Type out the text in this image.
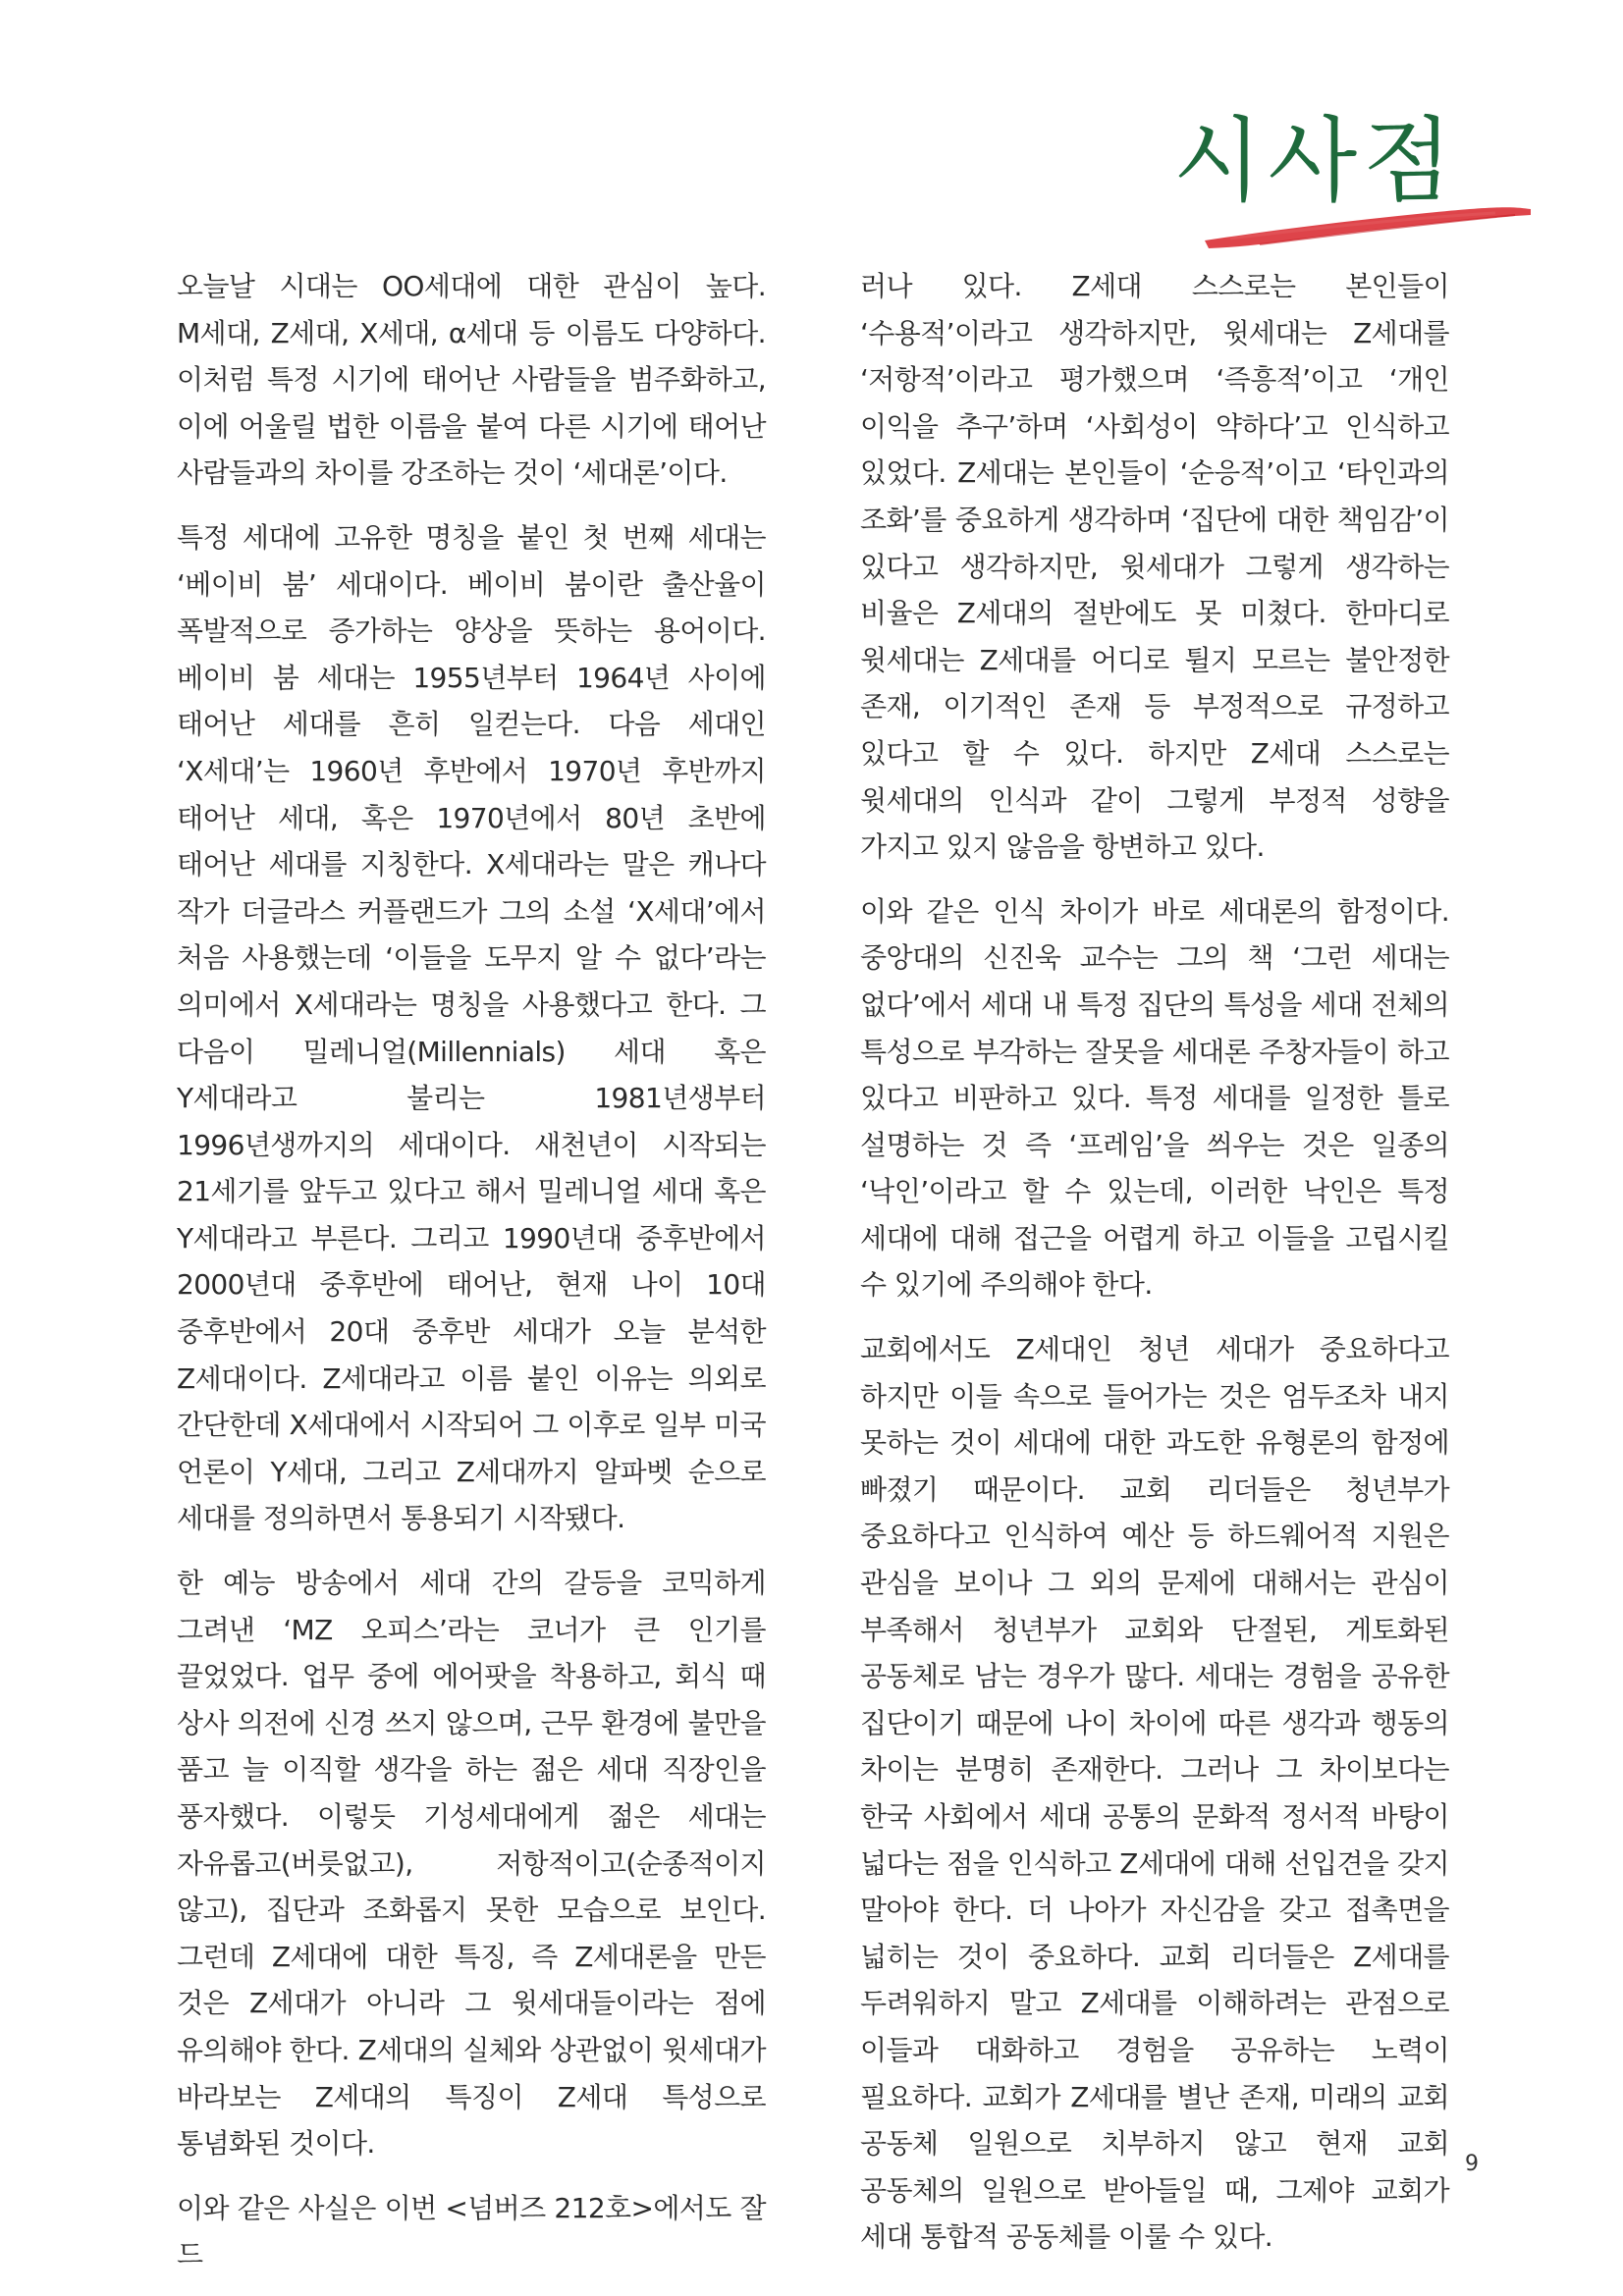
시사점

오늘날 시대는 OO세대에 대한 관심이 높다. M세대, Z세대, X세대, α세대 등 이름도 다양하다. 이처럼 특정 시기에 태어난 사람들을 범주화하고, 이에 어울릴 법한 이름을 붙여 다른 시기에 태어난 사람들과의 차이를 강조하는 것이 ‘세대론’이다.

특정 세대에 고유한 명칭을 붙인 첫 번째 세대는 ‘베이비 붐’ 세대이다. 베이비 붐이란 출산율이 폭발적으로 증가하는 양상을 뜻하는 용어이다. 베이비 붐 세대는 1955년부터 1964년 사이에 태어난 세대를 흔히 일컫는다. 다음 세대인 ‘X세대’는 1960년 후반에서 1970년 후반까지 태어난 세대, 혹은 1970년에서 80년 초반에 태어난 세대를 지칭한다. X세대라는 말은 캐나다 작가 더글라스 커플랜드가 그의 소설 ‘X세대’에서 처음 사용했는데 ‘이들을 도무지 알 수 없다’라는 의미에서 X세대라는 명칭을 사용했다고 한다. 그 다음이 밀레니얼(Millennials) 세대 혹은 Y세대라고 불리는 1981년생부터 1996년생까지의 세대이다. 새천년이 시작되는 21세기를 앞두고 있다고 해서 밀레니얼 세대 혹은 Y세대라고 부른다. 그리고 1990년대 중후반에서 2000년대 중후반에 태어난, 현재 나이 10대 중후반에서 20대 중후반 세대가 오늘 분석한 Z세대이다. Z세대라고 이름 붙인 이유는 의외로 간단한데 X세대에서 시작되어 그 이후로 일부 미국 언론이 Y세대, 그리고 Z세대까지 알파벳 순으로 세대를 정의하면서 통용되기 시작됐다.

한 예능 방송에서 세대 간의 갈등을 코믹하게 그려낸 ‘MZ 오피스’라는 코너가 큰 인기를 끌었었다. 업무 중에 에어팟을 착용하고, 회식 때 상사 의전에 신경 쓰지 않으며, 근무 환경에 불만을 품고 늘 이직할 생각을 하는 젊은 세대 직장인을 풍자했다. 이렇듯 기성세대에게 젊은 세대는 자유롭고(버릇없고), 저항적이고(순종적이지 않고), 집단과 조화롭지 못한 모습으로 보인다. 그런데 Z세대에 대한 특징, 즉 Z세대론을 만든 것은 Z세대가 아니라 그 윗세대들이라는 점에 유의해야 한다. Z세대의 실체와 상관없이 윗세대가 바라보는 Z세대의 특징이 Z세대 특성으로 통념화된 것이다.

이와 같은 사실은 이번 <넘버즈 212호>에서도 잘 드

러나 있다. Z세대 스스로는 본인들이 ‘수용적’이라고 생각하지만, 윗세대는 Z세대를 ‘저항적’이라고 평가했으며 ‘즉흥적’이고 ‘개인 이익을 추구’하며 ‘사회성이 약하다’고 인식하고 있었다. Z세대는 본인들이 ‘순응적’이고 ‘타인과의 조화’를 중요하게 생각하며 ‘집단에 대한 책임감’이 있다고 생각하지만, 윗세대가 그렇게 생각하는 비율은 Z세대의 절반에도 못 미쳤다. 한마디로 윗세대는 Z세대를 어디로 튈지 모르는 불안정한 존재, 이기적인 존재 등 부정적으로 규정하고 있다고 할 수 있다. 하지만 Z세대 스스로는 윗세대의 인식과 같이 그렇게 부정적 성향을 가지고 있지 않음을 항변하고 있다.

이와 같은 인식 차이가 바로 세대론의 함정이다. 중앙대의 신진욱 교수는 그의 책 ‘그런 세대는 없다’에서 세대 내 특정 집단의 특성을 세대 전체의 특성으로 부각하는 잘못을 세대론 주창자들이 하고 있다고 비판하고 있다. 특정 세대를 일정한 틀로 설명하는 것 즉 ‘프레임’을 씌우는 것은 일종의 ‘낙인’이라고 할 수 있는데, 이러한 낙인은 특정 세대에 대해 접근을 어렵게 하고 이들을 고립시킬 수 있기에 주의해야 한다.

교회에서도 Z세대인 청년 세대가 중요하다고 하지만 이들 속으로 들어가는 것은 엄두조차 내지 못하는 것이 세대에 대한 과도한 유형론의 함정에 빠졌기 때문이다. 교회 리더들은 청년부가 중요하다고 인식하여 예산 등 하드웨어적 지원은 관심을 보이나 그 외의 문제에 대해서는 관심이 부족해서 청년부가 교회와 단절된, 게토화된 공동체로 남는 경우가 많다. 세대는 경험을 공유한 집단이기 때문에 나이 차이에 따른 생각과 행동의 차이는 분명히 존재한다. 그러나 그 차이보다는 한국 사회에서 세대 공통의 문화적 정서적 바탕이 넓다는 점을 인식하고 Z세대에 대해 선입견을 갖지 말아야 한다. 더 나아가 자신감을 갖고 접촉면을 넓히는 것이 중요하다. 교회 리더들은 Z세대를 두려워하지 말고 Z세대를 이해하려는 관점으로 이들과 대화하고 경험을 공유하는 노력이 필요하다. 교회가 Z세대를 별난 존재, 미래의 교회 공동체 일원으로 치부하지 않고 현재 교회 공동체의 일원으로 받아들일 때, 그제야 교회가 세대 통합적 공동체를 이룰 수 있다.

9
